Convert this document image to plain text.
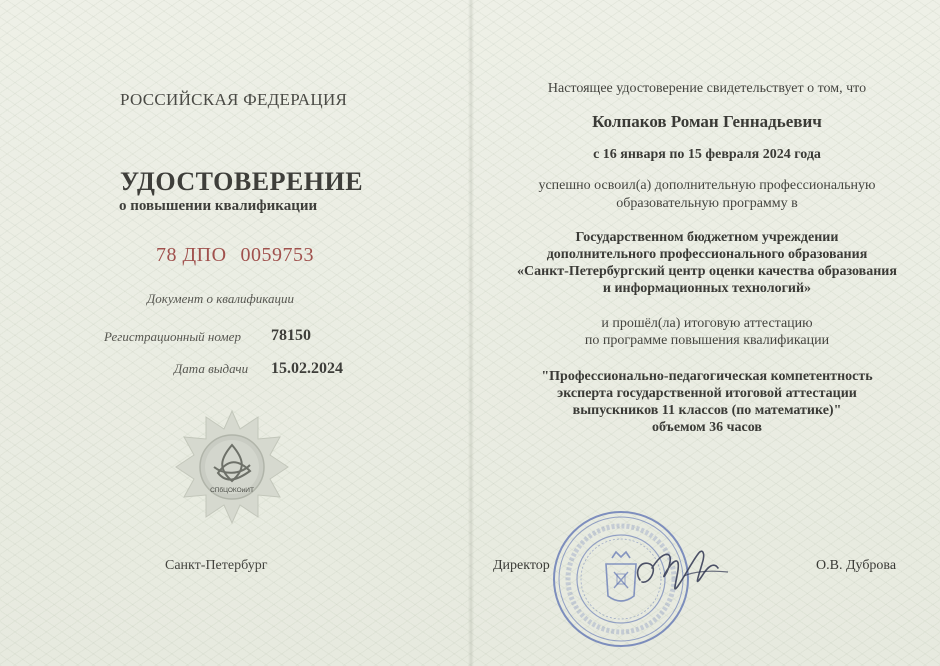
РОССИЙСКАЯ ФЕДЕРАЦИЯ

УДОСТОВЕРЕНИЕ

о повышении квалификации

78 ДПО 0059753

Документ о квалификации

Регистрационный номер 78150

Дата выдачи 15.02.2024

СПбЦОКОиИТ

Санкт-Петербург

Настоящее удостоверение свидетельствует о том, что

Колпаков Роман Геннадьевич

с 16 января по 15 февраля 2024 года

успешно освоил(а) дополнительную профессиональную
образовательную программу в

Государственном бюджетном учреждении
дополнительного профессионального образования
«Санкт-Петербургский центр оценки качества образования
и информационных технологий»

и прошёл(ла) итоговую аттестацию
по программе повышения квалификации

"Профессионально-педагогическая компетентность
эксперта государственной итоговой аттестации
выпускников 11 классов (по математике)"
объемом 36 часов

Директор	О.В. Дуброва
